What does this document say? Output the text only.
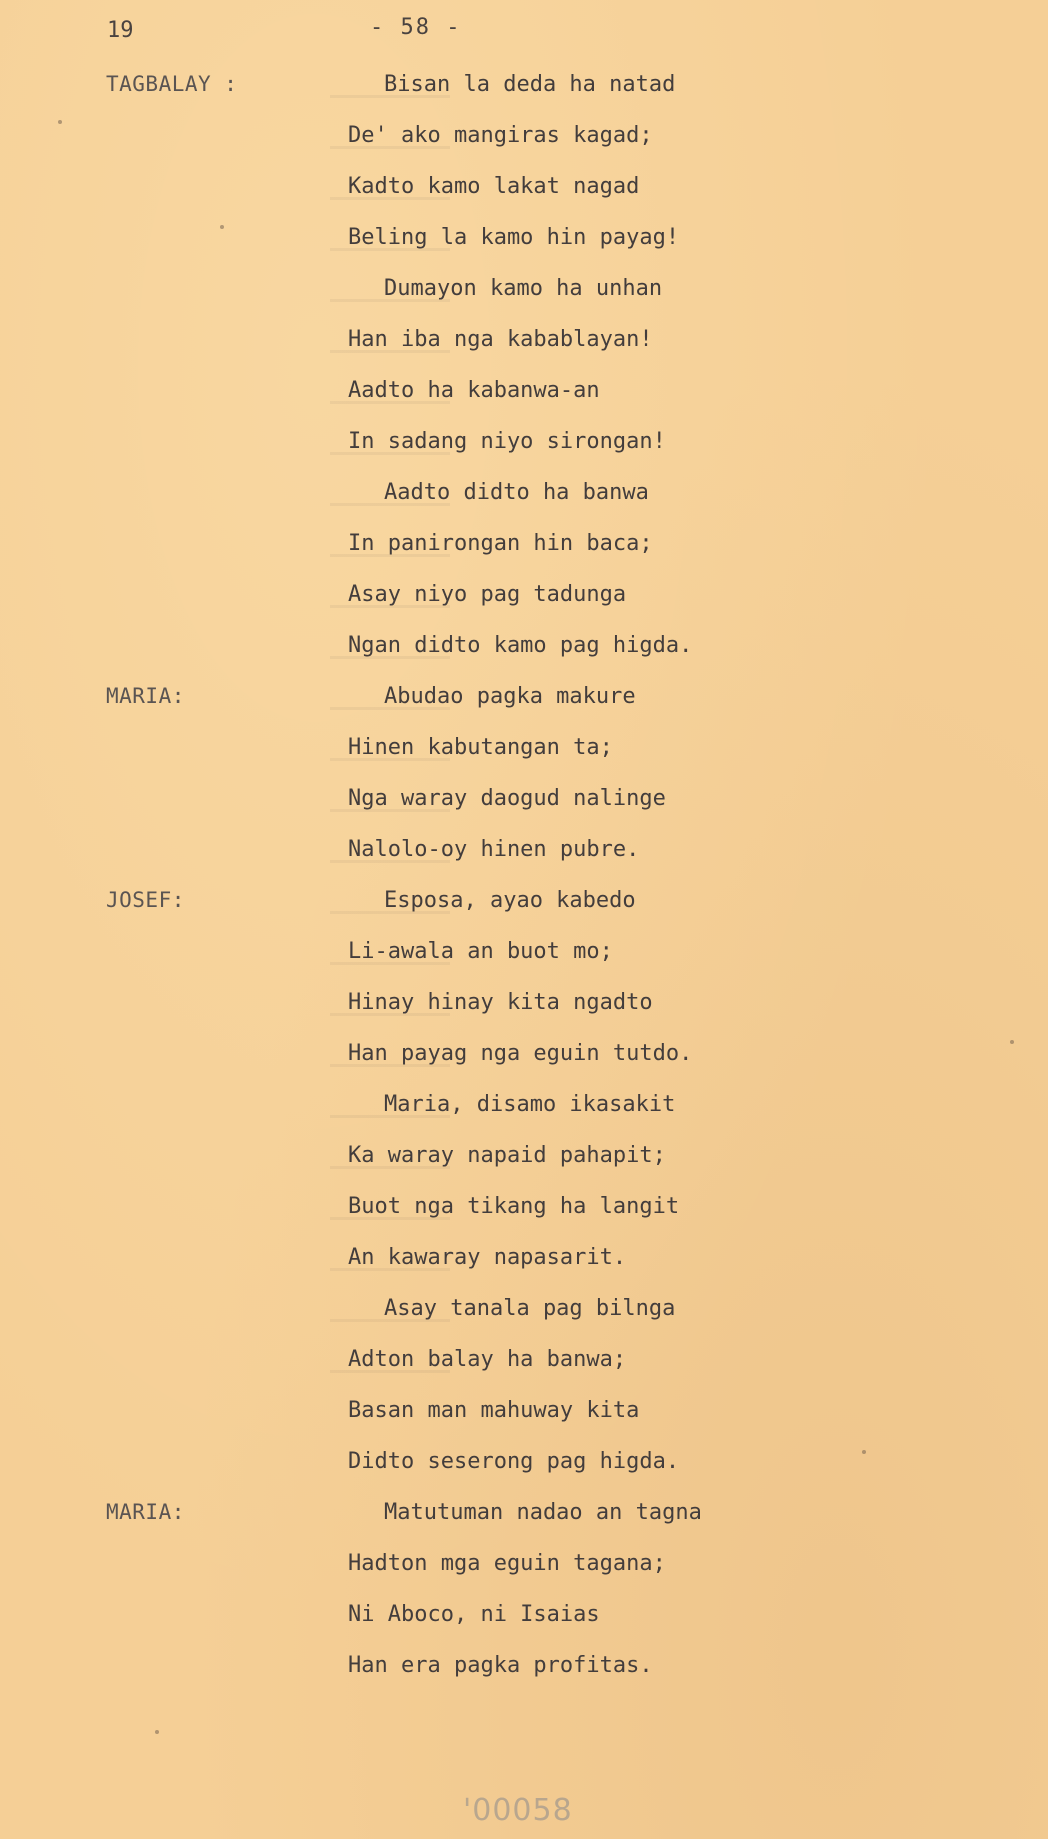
19	- 58 -
TAGBALAY :	Bisan la deda ha natad
De' ako mangiras kagad;
Kadto kamo lakat nagad
Beling la kamo hin payag!
Dumayon kamo ha unhan
Han iba nga kabablayan!
Aadto ha kabanwa-an
In sadang niyo sirongan!
Aadto didto ha banwa
In panirongan hin baca;
Asay niyo pag tadunga
Ngan didto kamo pag higda.
MARIA:	Abudao pagka makure
Hinen kabutangan ta;
Nga waray daogud nalinge
Nalolo-oy hinen pubre.
JOSEF:	Esposa, ayao kabedo
Li-awala an buot mo;
Hinay hinay kita ngadto
Han payag nga eguin tutdo.
Maria, disamo ikasakit
Ka waray napaid pahapit;
Buot nga tikang ha langit
An kawaray napasarit.
Asay tanala pag bilnga
Adton balay ha banwa;
Basan man mahuway kita
Didto seserong pag higda.
MARIA:	Matutuman nadao an tagna
Hadton mga eguin tagana;
Ni Aboco, ni Isaias
Han era pagka profitas.
'00058
